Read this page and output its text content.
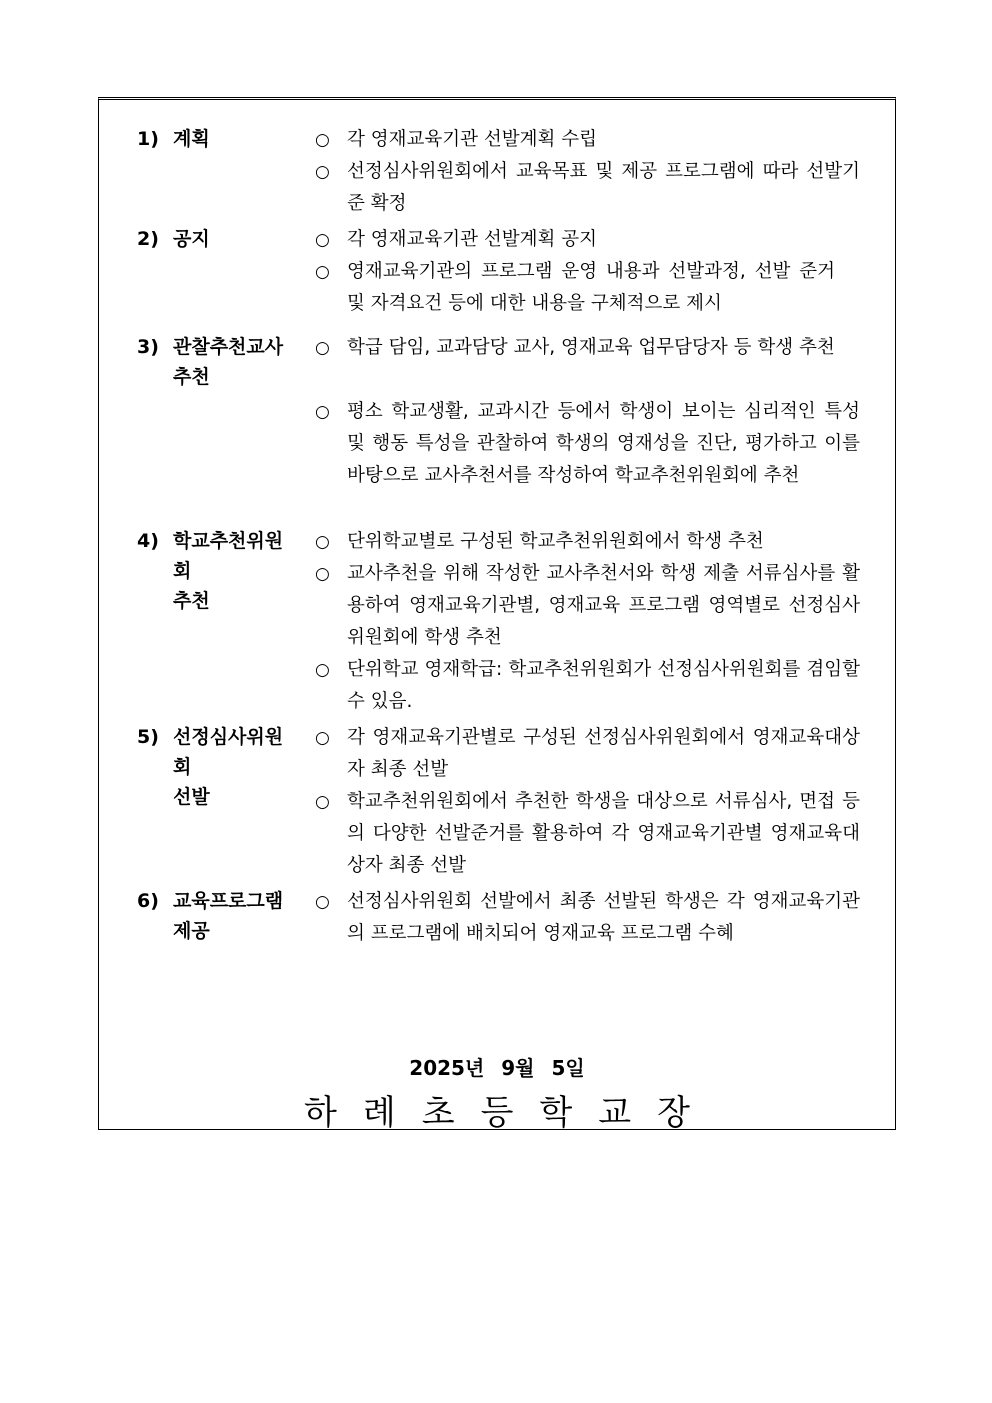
1) 계획	○ 각 영재교육기관 선발계획 수립
○ 선정심사위원회에서 교육목표 및 제공 프로그램에 따라 선발기준 확정
2) 공지	○ 각 영재교육기관 선발계획 공지
○ 영재교육기관의 프로그램 운영 내용과 선발과정, 선발 준거 및 자격요건 등에 대한 내용을 구체적으로 제시
3) 관찰추천교사
추천
○ 학급 담임, 교과담당 교사, 영재교육 업무담당자 등 학생 추천
○ 평소 학교생활, 교과시간 등에서 학생이 보이는 심리적인 특성 및 행동 특성을 관찰하여 학생의 영재성을 진단, 평가하고 이를 바탕으로 교사추천서를 작성하여 학교추천위원회에 추천
4) 학교추천위원회
추천
○ 단위학교별로 구성된 학교추천위원회에서 학생 추천
○ 교사추천을 위해 작성한 교사추천서와 학생 제출 서류심사를 활용하여 영재교육기관별, 영재교육 프로그램 영역별로 선정심사위원회에 학생 추천
○ 단위학교 영재학급: 학교추천위원회가 선정심사위원회를 겸임할 수 있음.
5) 선정심사위원회
선발
○ 각 영재교육기관별로 구성된 선정심사위원회에서 영재교육대상자 최종 선발
○ 학교추천위원회에서 추천한 학생을 대상으로 서류심사, 면접 등의 다양한 선발준거를 활용하여 각 영재교육기관별 영재교육대상자 최종 선발
6) 교육프로그램
제공
○ 선정심사위원회 선발에서 최종 선발된 학생은 각 영재교육기관의 프로그램에 배치되어 영재교육 프로그램 수혜
2025년 9월 5일
하례초등학교장
